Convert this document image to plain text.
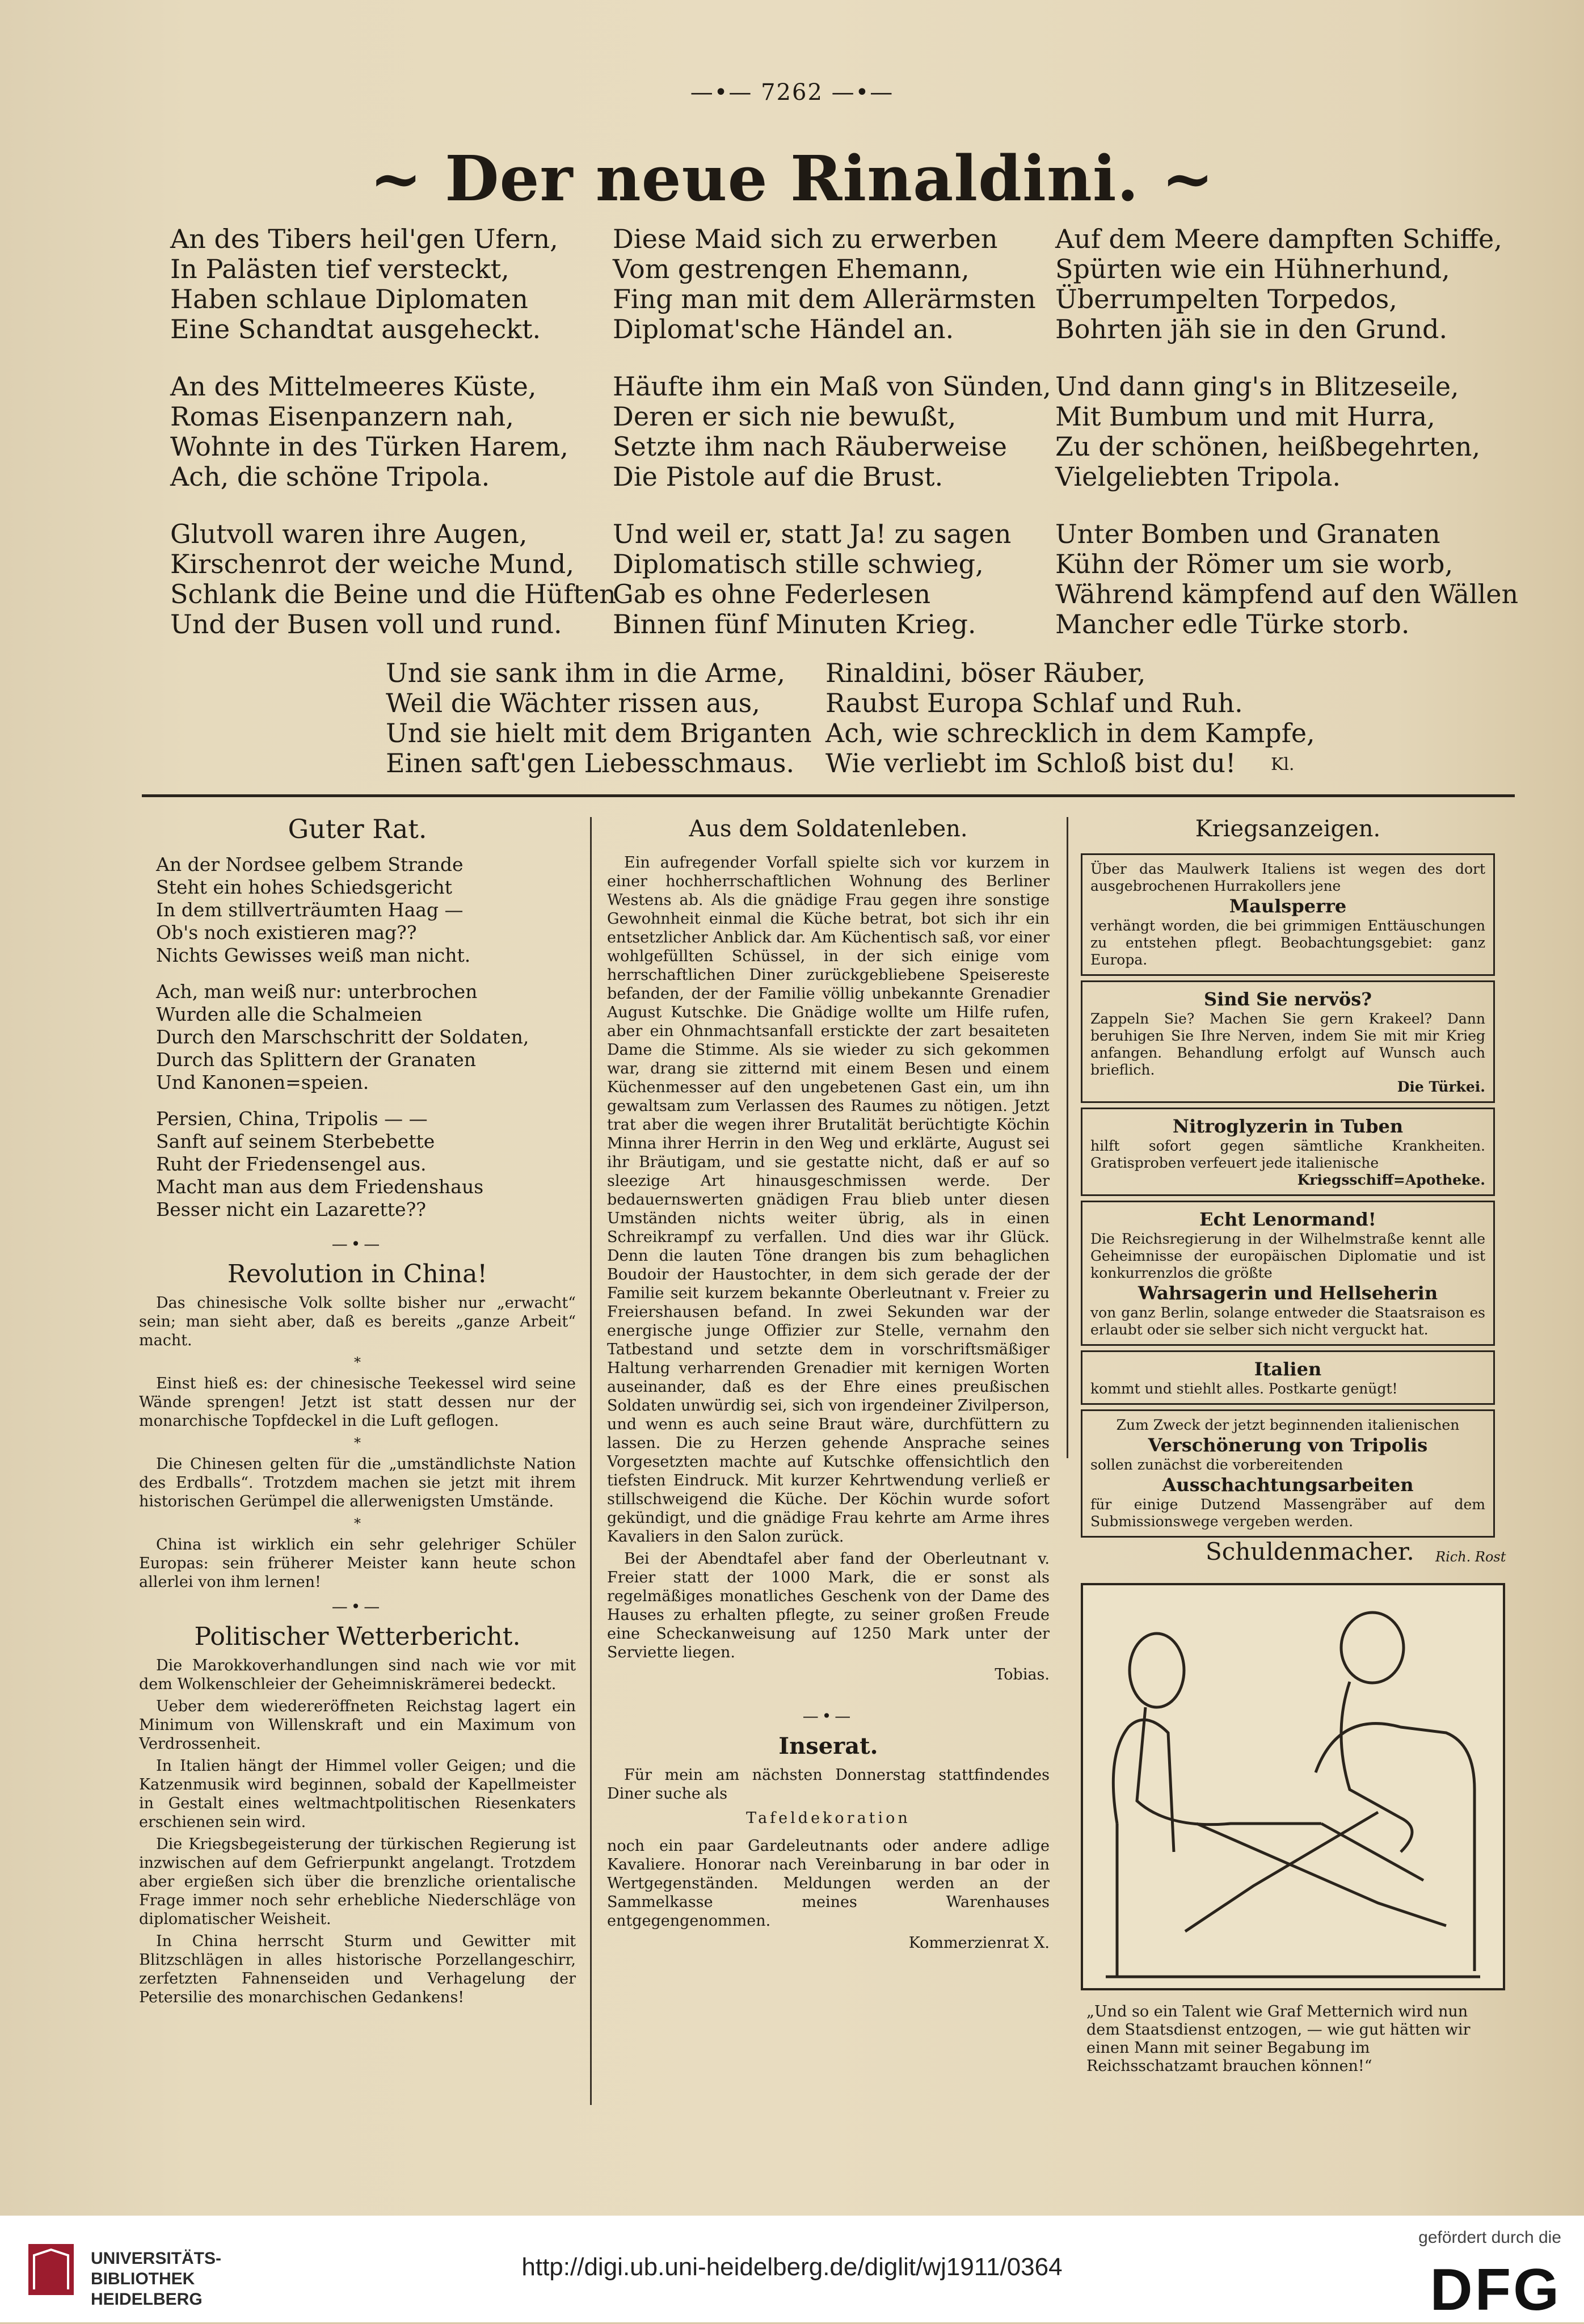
—•— 7262 —•—
~ Der neue Rinaldini. ~
An des Tibers heil'gen Ufern,
In Palästen tief versteckt,
Haben schlaue Diplomaten
Eine Schandtat ausgeheckt.
An des Mittelmeeres Küste,
Romas Eisenpanzern nah,
Wohnte in des Türken Harem,
Ach, die schöne Tripola.
Glutvoll waren ihre Augen,
Kirschenrot der weiche Mund,
Schlank die Beine und die Hüften
Und der Busen voll und rund.
Diese Maid sich zu erwerben
Vom gestrengen Ehemann,
Fing man mit dem Allerärmsten
Diplomat'sche Händel an.
Häufte ihm ein Maß von Sünden,
Deren er sich nie bewußt,
Setzte ihm nach Räuberweise
Die Pistole auf die Brust.
Und weil er, statt Ja! zu sagen
Diplomatisch stille schwieg,
Gab es ohne Federlesen
Binnen fünf Minuten Krieg.
Auf dem Meere dampften Schiffe,
Spürten wie ein Hühnerhund,
Überrumpelten Torpedos,
Bohrten jäh sie in den Grund.
Und dann ging's in Blitzeseile,
Mit Bumbum und mit Hurra,
Zu der schönen, heißbegehrten,
Vielgeliebten Tripola.
Unter Bomben und Granaten
Kühn der Römer um sie worb,
Während kämpfend auf den Wällen
Mancher edle Türke storb.
Und sie sank ihm in die Arme,
Weil die Wächter rissen aus,
Und sie hielt mit dem Briganten
Einen saft'gen Liebesschmaus.
Rinaldini, böser Räuber,
Raubst Europa Schlaf und Ruh.
Ach, wie schrecklich in dem Kampfe,
Wie verliebt im Schloß bist du!	Kl.
Guter Rat.
An der Nordsee gelbem Strande
Steht ein hohes Schiedsgericht
In dem stillverträumten Haag —
Ob's noch existieren mag??
Nichts Gewisses weiß man nicht.
Ach, man weiß nur: unterbrochen
Wurden alle die Schalmeien
Durch den Marschschritt der Soldaten,
Durch das Splittern der Granaten
Und Kanonen=speien.
Persien, China, Tripolis — —
Sanft auf seinem Sterbebette
Ruht der Friedensengel aus.
Macht man aus dem Friedenshaus
Besser nicht ein Lazarette??
—•—
Revolution in China!

Das chinesische Volk sollte bisher nur „erwacht“ sein; man sieht aber, daß es bereits „ganze Arbeit“ macht.

*

Einst hieß es: der chinesische Teekessel wird seine Wände sprengen! Jetzt ist statt dessen nur der monarchische Topfdeckel in die Luft geflogen.

*

Die Chinesen gelten für die „umständlichste Nation des Erdballs“. Trotzdem machen sie jetzt mit ihrem historischen Gerümpel die allerwenigsten Umstände.

*

China ist wirklich ein sehr gelehriger Schüler Europas: sein früherer Meister kann heute schon allerlei von ihm lernen!

—•—
Politischer Wetterbericht.

Die Marokkoverhandlungen sind nach wie vor mit dem Wolkenschleier der Geheimniskrämerei bedeckt.

Ueber dem wiedereröffneten Reichstag lagert ein Minimum von Willenskraft und ein Maximum von Verdrossenheit.

In Italien hängt der Himmel voller Geigen; und die Katzenmusik wird beginnen, sobald der Kapellmeister in Gestalt eines weltmachtpolitischen Riesenkaters erschienen sein wird.

Die Kriegsbegeisterung der türkischen Regierung ist inzwischen auf dem Gefrierpunkt angelangt. Trotzdem aber ergießen sich über die brenzliche orientalische Frage immer noch sehr erhebliche Niederschläge von diplomatischer Weisheit.

In China herrscht Sturm und Gewitter mit Blitzschlägen in alles historische Porzellangeschirr, zerfetzten Fahnenseiden und Verhagelung der Petersilie des monarchischen Gedankens!

Aus dem Soldatenleben.

Ein aufregender Vorfall spielte sich vor kurzem in einer hochherrschaftlichen Wohnung des Berliner Westens ab. Als die gnädige Frau gegen ihre sonstige Gewohnheit einmal die Küche betrat, bot sich ihr ein entsetzlicher Anblick dar. Am Küchentisch saß, vor einer wohlgefüllten Schüssel, in der sich einige vom herrschaftlichen Diner zurückgebliebene Speisereste befanden, der der Familie völlig unbekannte Grenadier August Kutschke. Die Gnädige wollte um Hilfe rufen, aber ein Ohnmachtsanfall erstickte der zart besaiteten Dame die Stimme. Als sie wieder zu sich gekommen war, drang sie zitternd mit einem Besen und einem Küchenmesser auf den ungebetenen Gast ein, um ihn gewaltsam zum Verlassen des Raumes zu nötigen. Jetzt trat aber die wegen ihrer Brutalität berüchtigte Köchin Minna ihrer Herrin in den Weg und erklärte, August sei ihr Bräutigam, und sie gestatte nicht, daß er auf so sleezige Art hinausgeschmissen werde. Der bedauernswerten gnädigen Frau blieb unter diesen Umständen nichts weiter übrig, als in einen Schreikrampf zu verfallen. Und dies war ihr Glück. Denn die lauten Töne drangen bis zum behaglichen Boudoir der Haustochter, in dem sich gerade der der Familie seit kurzem bekannte Oberleutnant v. Freier zu Freiershausen befand. In zwei Sekunden war der energische junge Offizier zur Stelle, vernahm den Tatbestand und setzte dem in vorschriftsmäßiger Haltung verharrenden Grenadier mit kernigen Worten auseinander, daß es der Ehre eines preußischen Soldaten unwürdig sei, sich von irgendeiner Zivilperson, und wenn es auch seine Braut wäre, durchfüttern zu lassen. Die zu Herzen gehende Ansprache seines Vorgesetzten machte auf Kutschke offensichtlich den tiefsten Eindruck. Mit kurzer Kehrtwendung verließ er stillschweigend die Küche. Der Köchin wurde sofort gekündigt, und die gnädige Frau kehrte am Arme ihres Kavaliers in den Salon zurück.

Bei der Abendtafel aber fand der Oberleutnant v. Freier statt der 1000 Mark, die er sonst als regelmäßiges monatliches Geschenk von der Dame des Hauses zu erhalten pflegte, zu seiner großen Freude eine Scheckanweisung auf 1250 Mark unter der Serviette liegen.

Tobias.

—•—
Inserat.

Für mein am nächsten Donnerstag stattfindendes Diner suche als

Tafeldekoration

noch ein paar Gardeleutnants oder andere adlige Kavaliere. Honorar nach Vereinbarung in bar oder in Wertgegenständen. Meldungen werden an der Sammelkasse meines Warenhauses entgegengenommen.

Kommerzienrat X.

Kriegsanzeigen.
Über das Maulwerk Italiens ist wegen des dort ausgebrochenen Hurrakollers jene
Maulsperre
verhängt worden, die bei grimmigen Enttäuschungen zu entstehen pflegt. Beobachtungsgebiet: ganz Europa.
Sind Sie nervös?
Zappeln Sie? Machen Sie gern Krakeel? Dann beruhigen Sie Ihre Nerven, indem Sie mit mir Krieg anfangen. Behandlung erfolgt auf Wunsch auch brieflich.
Die Türkei.
Nitroglyzerin in Tuben
hilft sofort gegen sämtliche Krankheiten. Gratisproben verfeuert jede italienische
Kriegsschiff=Apotheke.
Echt Lenormand!
Die Reichsregierung in der Wilhelmstraße kennt alle Geheimnisse der europäischen Diplomatie und ist konkurrenzlos die größte
Wahrsagerin und Hellseherin
von ganz Berlin, solange entweder die Staatsraison es erlaubt oder sie selber sich nicht verguckt hat.
Italien
kommt und stiehlt alles. Postkarte genügt!
Zum Zweck der jetzt beginnenden italienischen
Verschönerung von Tripolis
sollen zunächst die vorbereitenden
Ausschachtungsarbeiten
für einige Dutzend Massengräber auf dem Submissionswege vergeben werden.
Schuldenmacher. Rich. Rost
„Und so ein Talent wie Graf Metternich wird nun dem Staatsdienst entzogen, — wie gut hätten wir einen Mann mit seiner Begabung im Reichsschatzamt brauchen können!“
UNIVERSITÄTS-
BIBLIOTHEK
HEIDELBERG
http://digi.ub.uni-heidelberg.de/diglit/wj1911/0364
gefördert durch die
DFG
